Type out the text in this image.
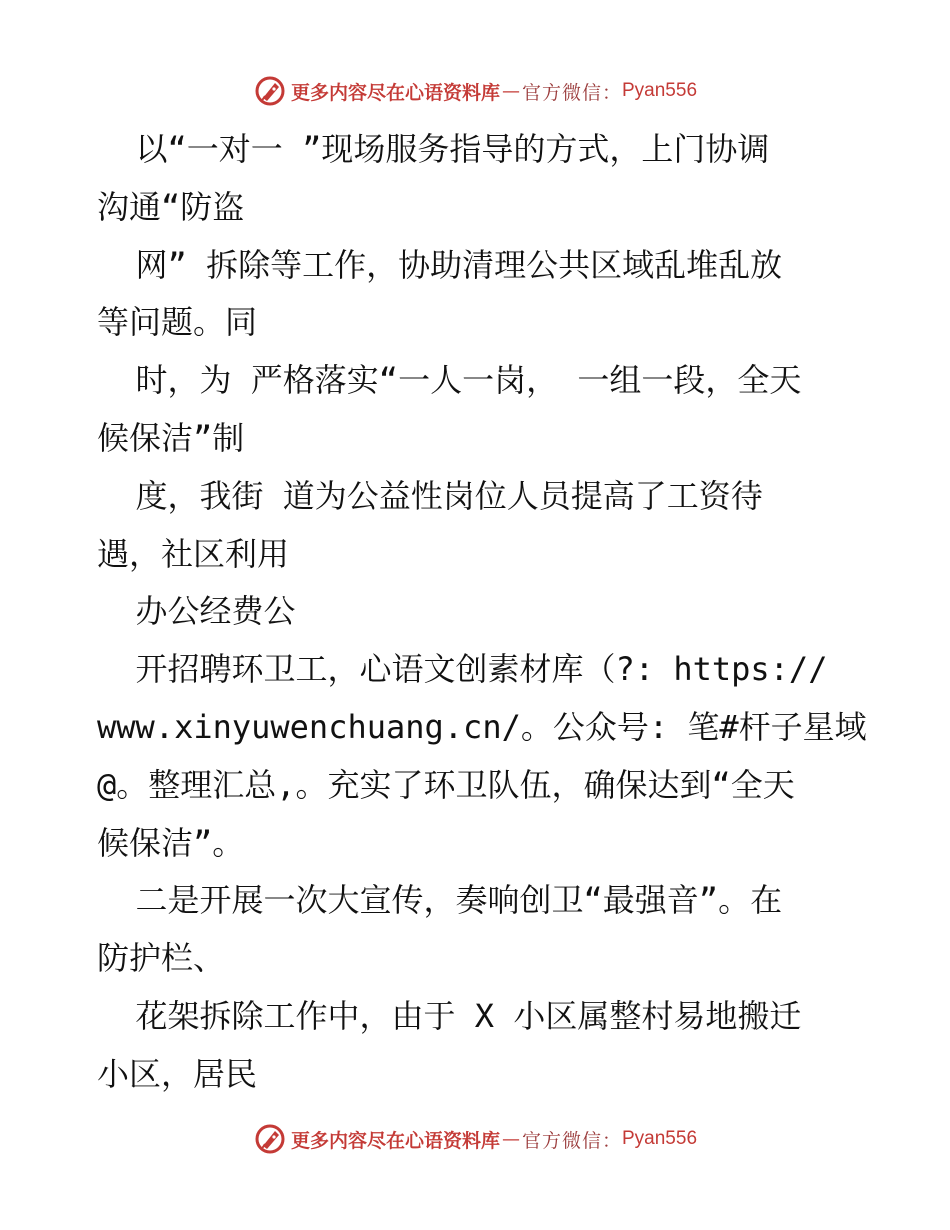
更多内容尽在心语资料库 — 官方微信： Pyan556
以“一对一 ”现场服务指导的方式，上门协调
沟通“防盗
网” 拆除等工作，协助清理公共区域乱堆乱放
等问题。同
时，为 严格落实“一人一岗， 一组一段，全天
候保洁”制
度，我街 道为公益性岗位人员提高了工资待
遇，社区利用
办公经费公
开招聘环卫工，心语文创素材库（?: https://
www.xinyuwenchuang.cn/。公众号: 笔#杆子星域
@。整理汇总,。充实了环卫队伍，确保达到“全天
候保洁”。
二是开展一次大宣传，奏响创卫“最强音”。在
防护栏、
花架拆除工作中，由于 X 小区属整村易地搬迁
小区，居民
更多内容尽在心语资料库 — 官方微信： Pyan556
